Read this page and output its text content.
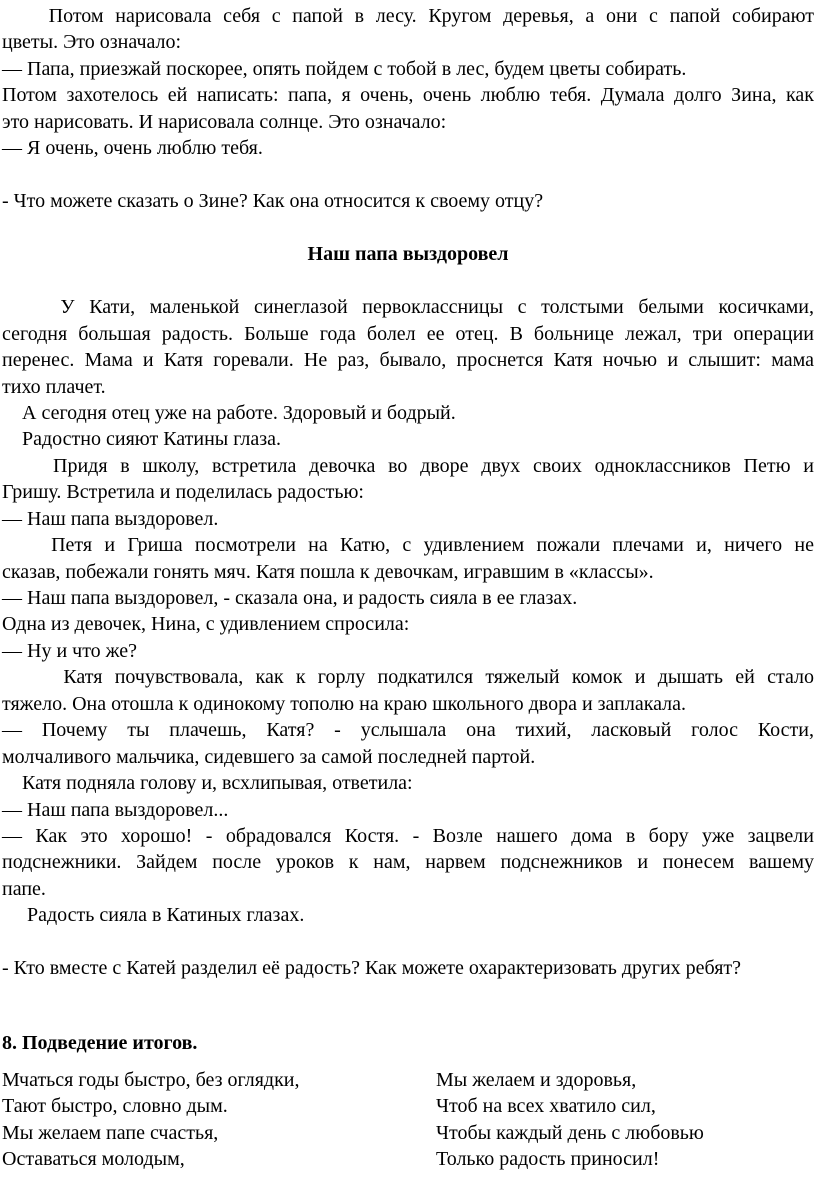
Потом нарисовала себя с папой в лесу. Кругом деревья, а они с папой собирают

цветы. Это означало:

— Папа, приезжай поскорее, опять пойдем с тобой в лес, будем цветы собирать.

Потом захотелось ей написать: папа, я очень, очень люблю тебя. Думала долго Зина, как

это нарисовать. И нарисовала солнце. Это означало:

— Я очень, очень люблю тебя.

- Что можете сказать о Зине? Как она относится к своему отцу?

Наш папа выздоровел

У Кати, маленькой синеглазой первоклассницы с толстыми белыми косичками,

сегодня большая радость. Больше года болел ее отец. В больнице лежал, три операции

перенес. Мама и Катя горевали. Не раз, бывало, проснется Катя ночью и слышит: мама

тихо плачет.

А сегодня отец уже на работе. Здоровый и бодрый.

Радостно сияют Катины глаза.

Придя в школу, встретила девочка во дворе двух своих одноклассников Петю и

Гришу. Встретила и поделилась радостью:

— Наш папа выздоровел.

Петя и Гриша посмотрели на Катю, с удивлением пожали плечами и, ничего не

сказав, побежали гонять мяч. Катя пошла к девочкам, игравшим в «классы».

— Наш папа выздоровел, - сказала она, и радость сияла в ее глазах.

Одна из девочек, Нина, с удивлением спросила:

— Ну и что же?

Катя почувствовала, как к горлу подкатился тяжелый комок и дышать ей стало

тяжело. Она отошла к одинокому тополю на краю школьного двора и заплакала.

— Почему ты плачешь, Катя? - услышала она тихий, ласковый голос Кости,

молчаливого мальчика, сидевшего за самой последней партой.

Катя подняла голову и, всхлипывая, ответила:

— Наш папа выздоровел...

— Как это хорошо! - обрадовался Костя. - Возле нашего дома в бору уже зацвели

подснежники. Зайдем после уроков к нам, нарвем подснежников и понесем вашему

папе.

Радость сияла в Катиных глазах.

- Кто вместе с Катей разделил её радость? Как можете охарактеризовать других ребят?

8. Подведение итогов.

Мчаться годы быстро, без оглядки,

Тают быстро, словно дым.

Мы желаем папе счастья,

Оставаться молодым,

Мы желаем и здоровья,

Чтоб на всех хватило сил,

Чтобы каждый день с любовью

Только радость приносил!
